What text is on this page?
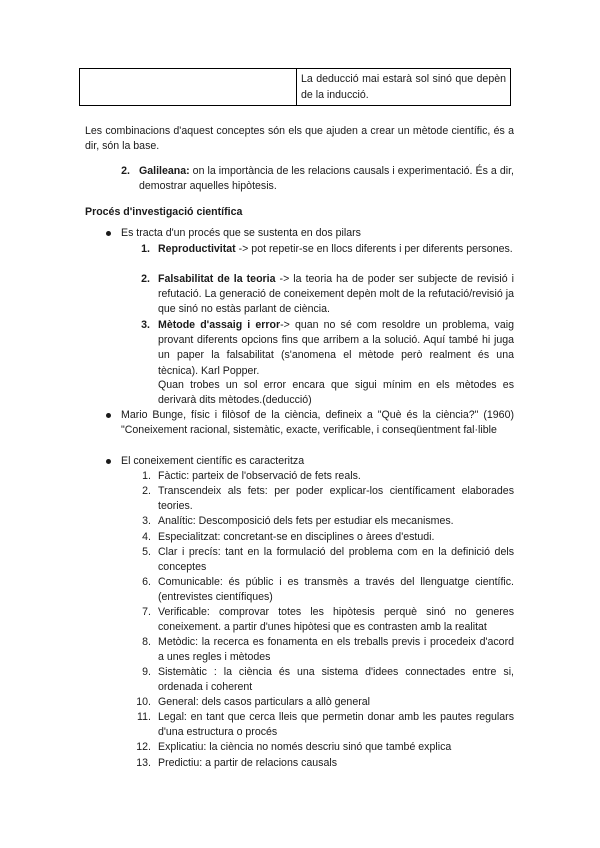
	La deducció mai estarà sol sinó que depèn de la inducció.
Les combinacions d'aquest conceptes són els que ajuden a crear un mètode científic, és a dir, són la base.
2. Galileana: on la importància de les relacions causals i experimentació. És a dir, demostrar aquelles hipòtesis.
Procés d'investigació científica
Es tracta d'un procés que se sustenta en dos pilars
1. Reproductivitat -> pot repetir-se en llocs diferents i per diferents persones.
2. Falsabilitat de la teoria -> la teoria ha de poder ser subjecte de revisió i refutació. La generació de coneixement depèn molt de la refutació/revisió ja que sinó no estàs parlant de ciència.
3. Mètode d'assaig i error-> quan no sé com resoldre un problema, vaig provant diferents opcions fins que arribem a la solució. Aquí també hi juga un paper la falsabilitat (s'anomena el mètode però realment és una tècnica). Karl Popper.
Quan trobes un sol error encara que sigui mínim en els mètodes es derivarà dits mètodes.(deducció)
Mario Bunge, físic i filòsof de la ciència, defineix a "Què és la ciència?" (1960) "Coneixement racional, sistemàtic, exacte, verificable, i conseqüentment fal·lible
El coneixement científic es caracteritza
1. Fàctic: parteix de l'observació de fets reals.
2. Transcendeix als fets: per poder explicar-los científicament elaborades teories.
3. Analític: Descomposició dels fets per estudiar els mecanismes.
4. Especialitzat: concretant-se en disciplines o àrees d'estudi.
5. Clar i precís: tant en la formulació del problema com en la definició dels conceptes
6. Comunicable: és públic i es transmès a través del llenguatge científic. (entrevistes científiques)
7. Verificable: comprovar totes les hipòtesis perquè sinó no generes coneixement. a partir d'unes hipòtesi que es contrasten amb la realitat
8. Metòdic: la recerca es fonamenta en els treballs previs i procedeix d'acord a unes regles i mètodes
9. Sistemàtic : la ciència és una sistema d'idees connectades entre si, ordenada i coherent
10. General: dels casos particulars a allò general
11. Legal: en tant que cerca lleis que permetin donar amb les pautes regulars d'una estructura o procés
12. Explicatiu: la ciència no només descriu sinó que també explica
13. Predictiu: a partir de relacions causals
